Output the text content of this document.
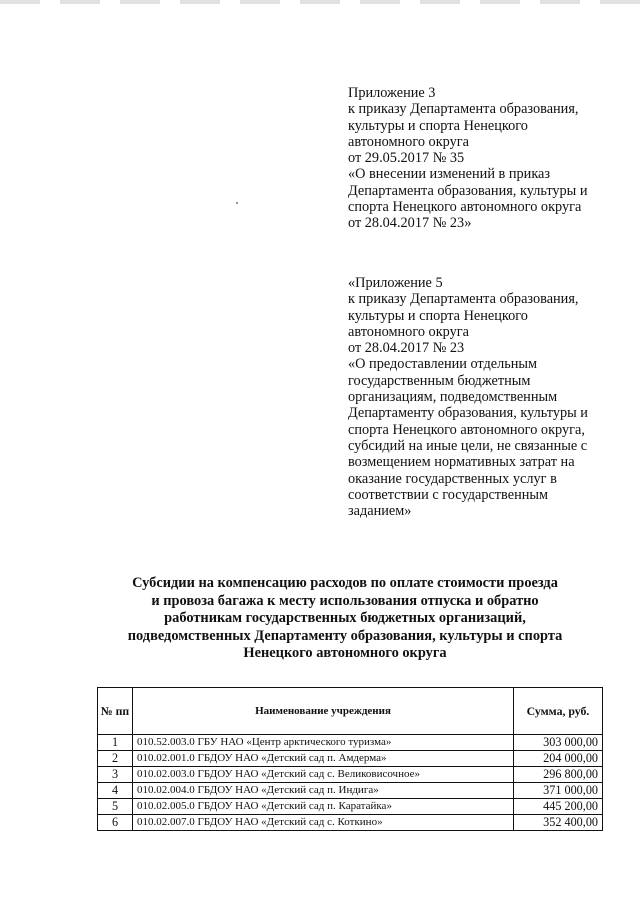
Приложение 3
к приказу Департамента образования,
культуры и спорта Ненецкого
автономного округа
от 29.05.2017 № 35
«О внесении изменений в приказ
Департамента образования, культуры и
спорта Ненецкого автономного округа
от 28.04.2017 № 23»
«Приложение 5
к приказу Департамента образования,
культуры и спорта Ненецкого
автономного округа
от 28.04.2017 № 23
«О предоставлении отдельным
государственным бюджетным
организациям, подведомственным
Департаменту образования, культуры и
спорта Ненецкого автономного округа,
субсидий на иные цели, не связанные с
возмещением нормативных затрат на
оказание государственных услуг в
соответствии с государственным
заданием»
Субсидии на компенсацию расходов по оплате стоимости проезда
и провоза багажа к месту использования отпуска и обратно
работникам государственных бюджетных организаций,
подведомственных Департаменту образования, культуры и спорта
Ненецкого автономного округа
№ пп	Наименование учреждения	Сумма, руб.
1	010.52.003.0 ГБУ НАО «Центр арктического туризма»	303 000,00
2	010.02.001.0 ГБДОУ НАО «Детский сад п. Амдерма»	204 000,00
3	010.02.003.0 ГБДОУ НАО «Детский сад с. Великовисочное»	296 800,00
4	010.02.004.0 ГБДОУ НАО «Детский сад п. Индига»	371 000,00
5	010.02.005.0 ГБДОУ НАО «Детский сад п. Каратайка»	445 200,00
6	010.02.007.0 ГБДОУ НАО «Детский сад с. Коткино»	352 400,00
